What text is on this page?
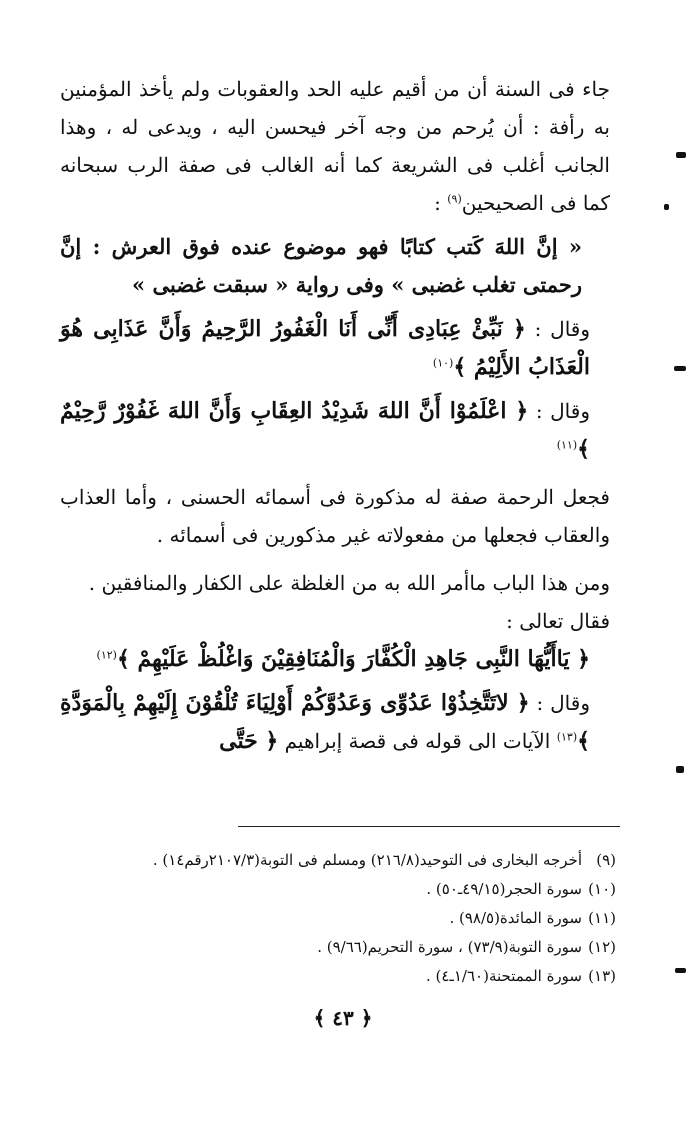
جاء فى السنة أن من أقيم عليه الحد والعقوبات ولم يأخذ المؤمنين به رأفة : أن يُرحم من وجه آخر فيحسن اليه ، ويدعى له ، وهذا الجانب أغلب فى الشريعة كما أنه الغالب فى صفة الرب سبحانه كما فى الصحيحين$^{(٩)}$ :

« إنَّ اللهَ كَتب كتابًا فهو موضوع عنده فوق العرش : إنَّ رحمتى تغلب غضبى » وفى رواية « سبقت غضبى »

وقال : ﴿ نَبِّئْ عِبَادِى أَنِّى أَنَا الْغَفُورُ الرَّحِيمُ وَأَنَّ عَذَابِى هُوَ الْعَذَابُ الأَلِيْمُ ﴾$^{(١٠)}$

وقال : ﴿ اعْلَمُوْا أَنَّ اللهَ شَدِيْدُ العِقَابِ وَأَنَّ اللهَ غَفُوْرٌ رَّحِيْمٌ ﴾$^{(١١)}$

فجعل الرحمة صفة له مذكورة فى أسمائه الحسنى ، وأما العذاب والعقاب فجعلها من مفعولاته غير مذكورين فى أسمائه .

ومن هذا الباب ماأمر الله به من الغلظة على الكفار والمنافقين .

فقال تعالى :

﴿ يَاأَيُّهَا النَّبِى جَاهِدِ الْكُفَّارَ وَالْمُنَافِقِيْنَ وَاغْلُظْ عَلَيْهِمْ ﴾$^{(١٢)}$

وقال : ﴿ لاتَتَّخِذُوْا عَدُوِّى وَعَدُوَّكُمْ أَوْلِيَاءَ تُلْقُوْنَ إِلَيْهِمْ بِالْمَوَدَّةِ ﴾$^{(١٣)}$ الآيات الى قوله فى قصة إبراهيم ﴿ حَتَّى

(٩)أخرجه البخارى فى التوحيد(٢١٦/٨) ومسلم فى التوبة(٢١٠٧/٣رقم١٤) .
(١٠)سورة الحجر(٤٩/١٥ـ٥٠) .
(١١)سورة المائدة(٩٨/٥) .
(١٢)سورة التوبة(٧٣/٩) ، سورة التحريم(٩/٦٦) .
(١٣)سورة الممتحنة(١/٦٠ـ٤) .
﴿ ٤٣ ﴾
